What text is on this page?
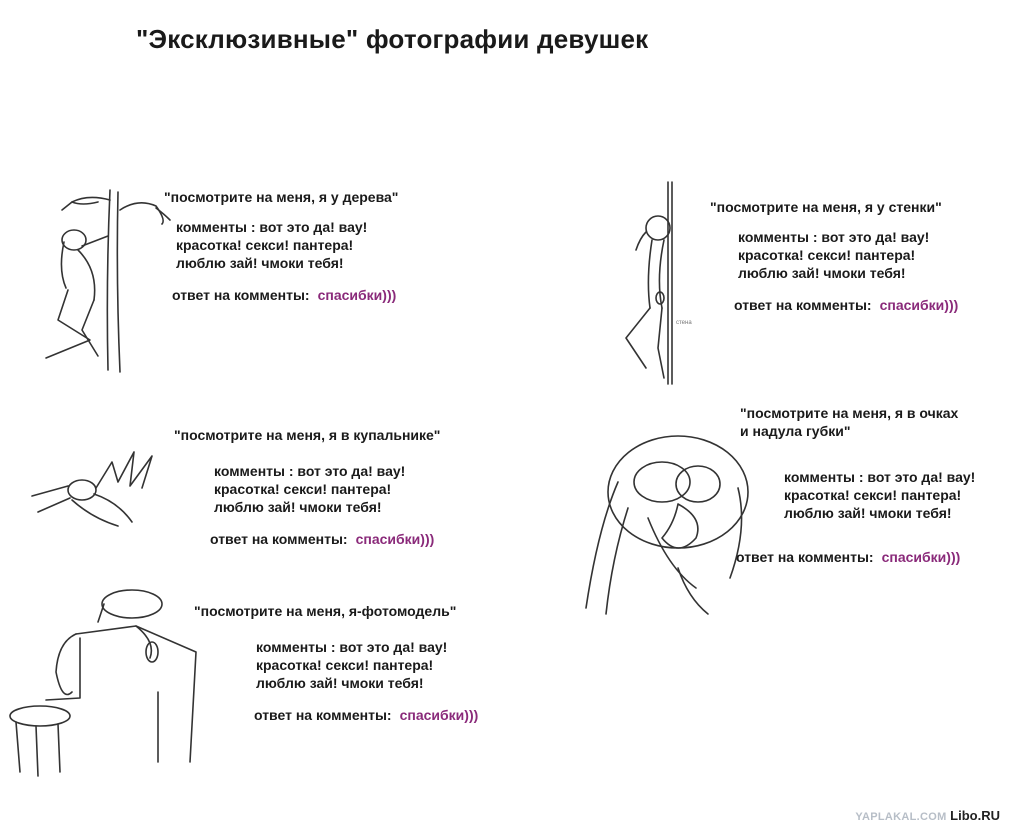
"Эксклюзивные" фотографии девушек
"посмотрите на меня, я у дерева"
комменты : вот это да! вау!
красотка! секси! пантера!
люблю зай! чмоки тебя!
ответ на комменты: спасибки)))
стена
"посмотрите на меня, я у стенки"
комменты : вот это да! вау!
красотка! секси! пантера!
люблю зай! чмоки тебя!
ответ на комменты: спасибки)))
"посмотрите на меня, я в купальнике"
комменты : вот это да! вау!
красотка! секси! пантера!
люблю зай! чмоки тебя!
ответ на комменты: спасибки)))
"посмотрите на меня, я в очках
и надула губки"
комменты : вот это да! вау!
красотка! секси! пантера!
люблю зай! чмоки тебя!
ответ на комменты: спасибки)))
"посмотрите на меня, я-фотомодель"
комменты : вот это да! вау!
красотка! секси! пантера!
люблю зай! чмоки тебя!
ответ на комменты: спасибки)))
YAPLAKAL.COM Libo.RU
